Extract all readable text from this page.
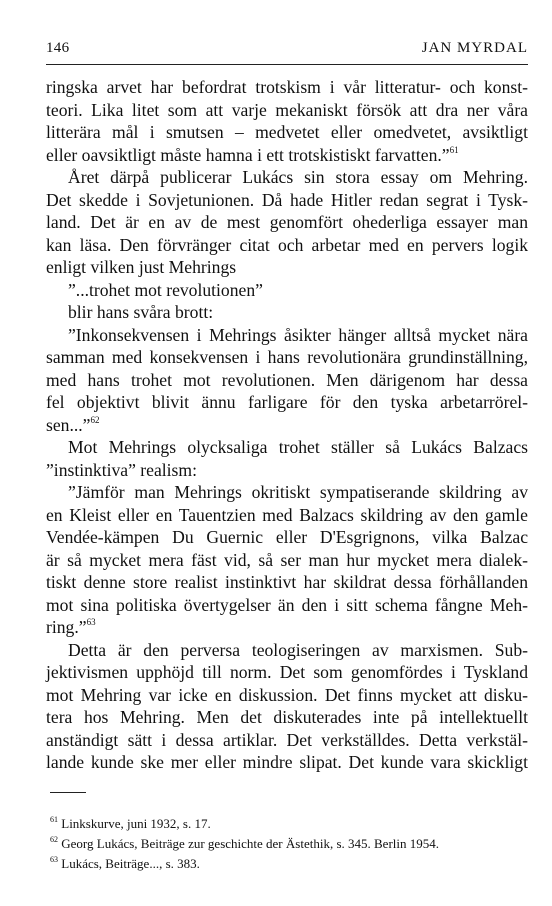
146	JAN MYRDAL
ringska arvet har befordrat trotskism i vår litteratur- och konst-
teori. Lika litet som att varje mekaniskt försök att dra ner våra
litterära mål i smutsen – medvetet eller omedvetet, avsiktligt
eller oavsiktligt måste hamna i ett trotskistiskt farvatten.”$^{61}$
Året därpå publicerar Lukács sin stora essay om Mehring.
Det skedde i Sovjetunionen. Då hade Hitler redan segrat i Tysk-
land. Det är en av de mest genomfört ohederliga essayer man
kan läsa. Den förvränger citat och arbetar med en pervers logik
enligt vilken just Mehrings
”...trohet mot revolutionen”
blir hans svåra brott:
”Inkonsekvensen i Mehrings åsikter hänger alltså mycket nära
samman med konsekvensen i hans revolutionära grundinställning,
med hans trohet mot revolutionen. Men därigenom har dessa
fel objektivt blivit ännu farligare för den tyska arbetarrörel-
sen...”$^{62}$
Mot Mehrings olycksaliga trohet ställer så Lukács Balzacs
”instinktiva” realism:
”Jämför man Mehrings okritiskt sympatiserande skildring av
en Kleist eller en Tauentzien med Balzacs skildring av den gamle
Vendée-kämpen Du Guernic eller D'Esgrignons, vilka Balzac
är så mycket mera fäst vid, så ser man hur mycket mera dialek-
tiskt denne store realist instinktivt har skildrat dessa förhållanden
mot sina politiska övertygelser än den i sitt schema fångne Meh-
ring.”$^{63}$
Detta är den perversa teologiseringen av marxismen. Sub-
jektivismen upphöjd till norm. Det som genomfördes i Tyskland
mot Mehring var icke en diskussion. Det finns mycket att disku-
tera hos Mehring. Men det diskuterades inte på intellektuellt
anständigt sätt i dessa artiklar. Det verkställdes. Detta verkstäl-
lande kunde ske mer eller mindre slipat. Det kunde vara skickligt
$^{61}$ Linkskurve, juni 1932, s. 17.
$^{62}$ Georg Lukács, Beiträge zur geschichte der Ästethik, s. 345. Berlin 1954.
$^{63}$ Lukács, Beiträge..., s. 383.
